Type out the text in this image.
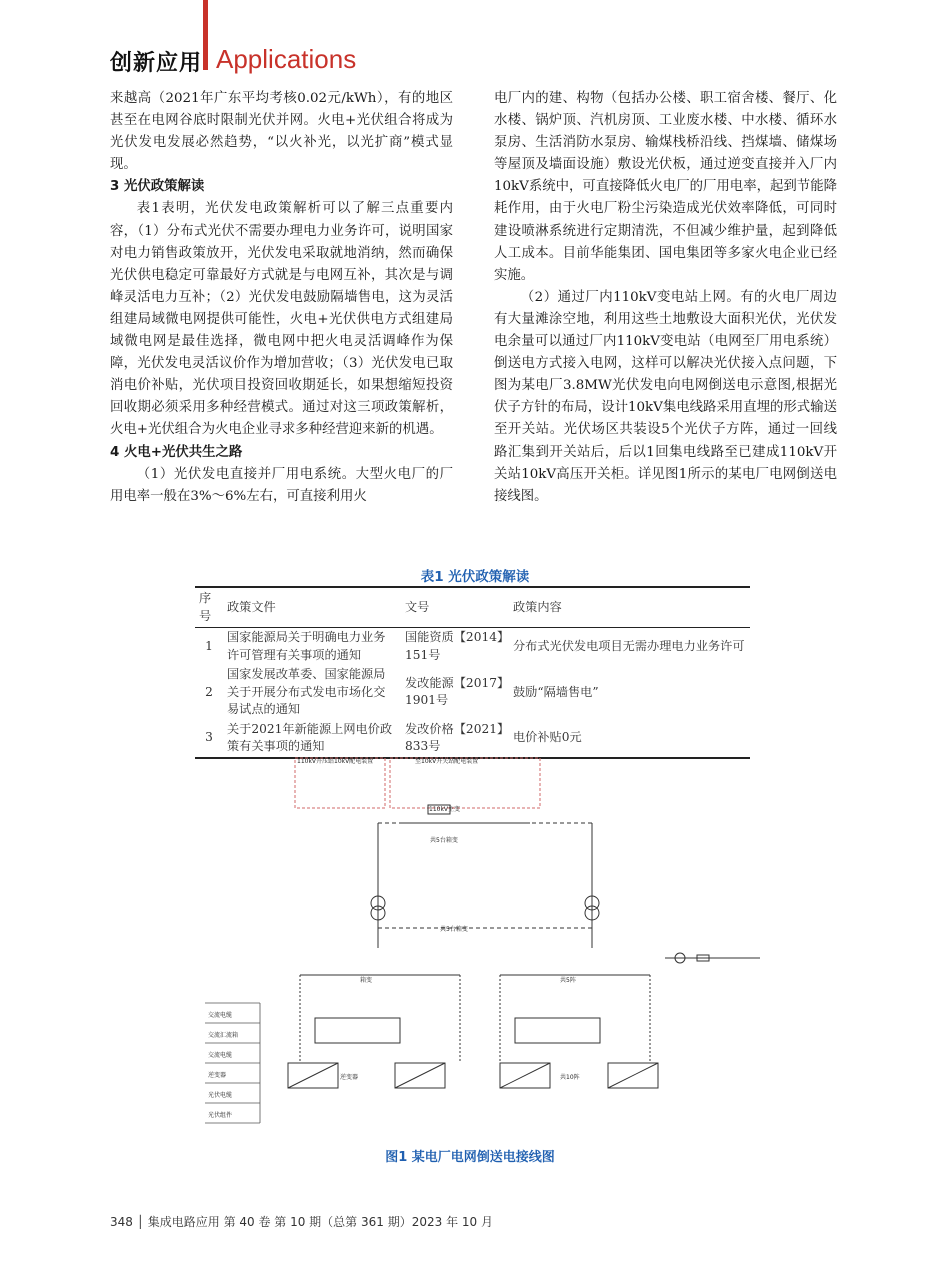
创新应用 Applications

来越高（2021年广东平均考核0.02元/kWh），有的地区甚至在电网谷底时限制光伏并网。火电+光伏组合将成为光伏发电发展必然趋势，“以火补光，以光扩商”模式显现。

3 光伏政策解读

表1表明，光伏发电政策解析可以了解三点重要内容，（1）分布式光伏不需要办理电力业务许可，说明国家对电力销售政策放开，光伏发电采取就地消纳，然而确保光伏供电稳定可靠最好方式就是与电网互补，其次是与调峰灵活电力互补；（2）光伏发电鼓励隔墙售电，这为灵活组建局域微电网提供可能性，火电+光伏供电方式组建局域微电网是最佳选择，微电网中把火电灵活调峰作为保障，光伏发电灵活议价作为增加营收；（3）光伏发电已取消电价补贴，光伏项目投资回收期延长，如果想缩短投资回收期必须采用多种经营模式。通过对这三项政策解析，火电+光伏组合为火电企业寻求多种经营迎来新的机遇。

4 火电+光伏共生之路

（1）光伏发电直接并厂用电系统。大型火电厂的厂用电率一般在3%～6%左右，可直接利用火

电厂内的建、构物（包括办公楼、职工宿舍楼、餐厅、化水楼、锅炉顶、汽机房顶、工业废水楼、中水楼、循环水泵房、生活消防水泵房、输煤栈桥沿线、挡煤墙、储煤场等屋顶及墙面设施）敷设光伏板，通过逆变直接并入厂内10kV系统中，可直接降低火电厂的厂用电率，起到节能降耗作用，由于火电厂粉尘污染造成光伏效率降低，可同时建设喷淋系统进行定期清洗，不但减少维护量，起到降低人工成本。目前华能集团、国电集团等多家火电企业已经实施。

（2）通过厂内110kV变电站上网。有的火电厂周边有大量滩涂空地，利用这些土地敷设大面积光伏，光伏发电余量可以通过厂内110kV变电站（电网至厂用电系统）倒送电方式接入电网，这样可以解决光伏接入点问题，下图为某电厂3.8MW光伏发电向电网倒送电示意图,根据光伏子方针的布局，设计10kV集电线路采用直埋的形式输送至开关站。光伏场区共装设5个光伏子方阵，通过一回线路汇集到开关站后，后以1回集电线路至已建成110kV开关站10kV高压开关柜。详见图1所示的某电厂电网倒送电接线图。

表1 光伏政策解读
序号	政策文件	文号	政策内容
1	国家能源局关于明确电力业务许可管理有关事项的通知	国能资质【2014】151号	分布式光伏发电项目无需办理电力业务许可
2	国家发展改革委、国家能源局关于开展分布式发电市场化交易试点的通知	发改能源【2017】1901号	鼓励“隔墙售电”
3	关于2021年新能源上网电价政策有关事项的通知	发改价格【2021】833号	电价补贴0元
交流电缆
交流汇流箱
交流电缆
逆变器
光伏电缆
光伏组件
110kV升压站10kV配电装置	至10kV开关站配电装置
共5台箱变
共5台箱变
110kV主变
逆变器
箱变	共5阵
共10阵
图1 某电厂电网倒送电接线图
348 │ 集成电路应用 第 40 卷 第 10 期（总第 361 期）2023 年 10 月
